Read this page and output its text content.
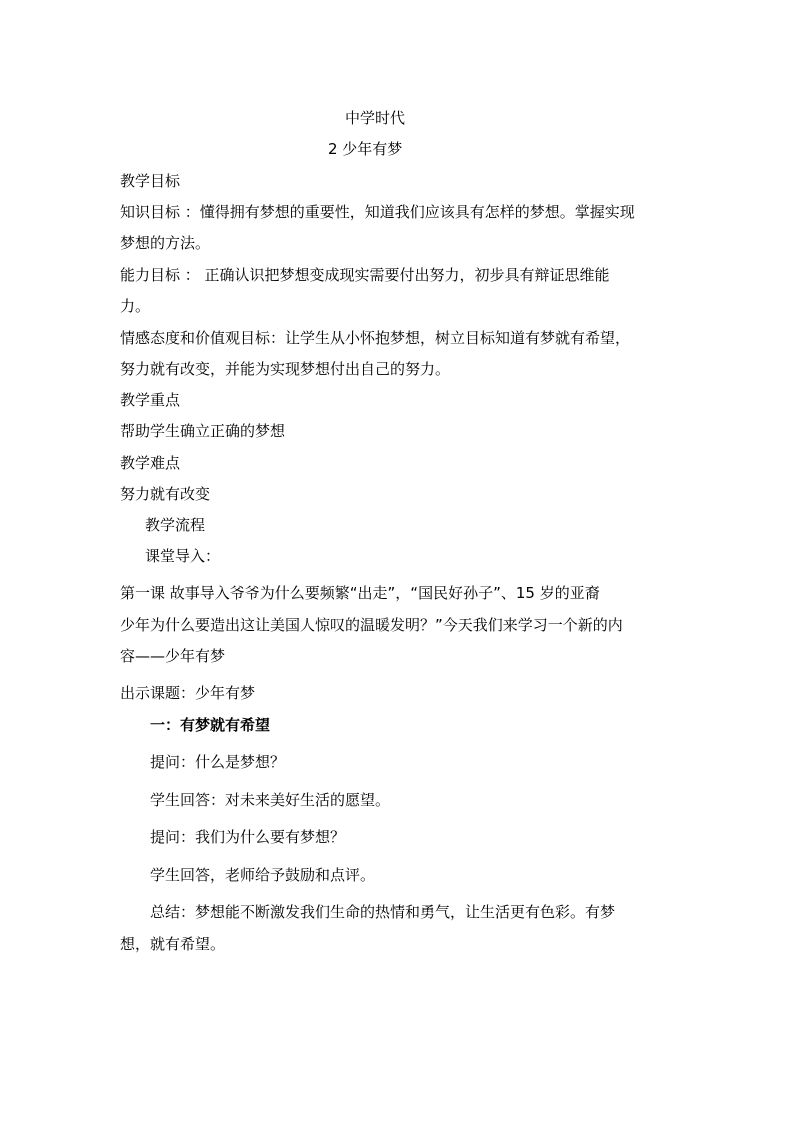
中学时代
2 少年有梦
教学目标
知识目标 ：懂得拥有梦想的重要性，知道我们应该具有怎样的梦想。掌握实现
梦想的方法。
能力目标 ： 正确认识把梦想变成现实需要付出努力，初步具有辩证思维能
力。
情感态度和价值观目标：让学生从小怀抱梦想，树立目标知道有梦就有希望，
努力就有改变，并能为实现梦想付出自己的努力。
教学重点
帮助学生确立正确的梦想
教学难点
努力就有改变
教学流程
课堂导入：
第一课 故事导入爷爷为什么要频繁“出走”，“国民好孙子”、15 岁的亚裔
少年为什么要造出这让美国人惊叹的温暖发明？”今天我们来学习一个新的内
容——少年有梦
出示课题：少年有梦
一：有梦就有希望
提问：什么是梦想？
学生回答：对未来美好生活的愿望。
提问：我们为什么要有梦想？
学生回答，老师给予鼓励和点评。
总结：梦想能不断激发我们生命的热情和勇气，让生活更有色彩。有梦
想，就有希望。
